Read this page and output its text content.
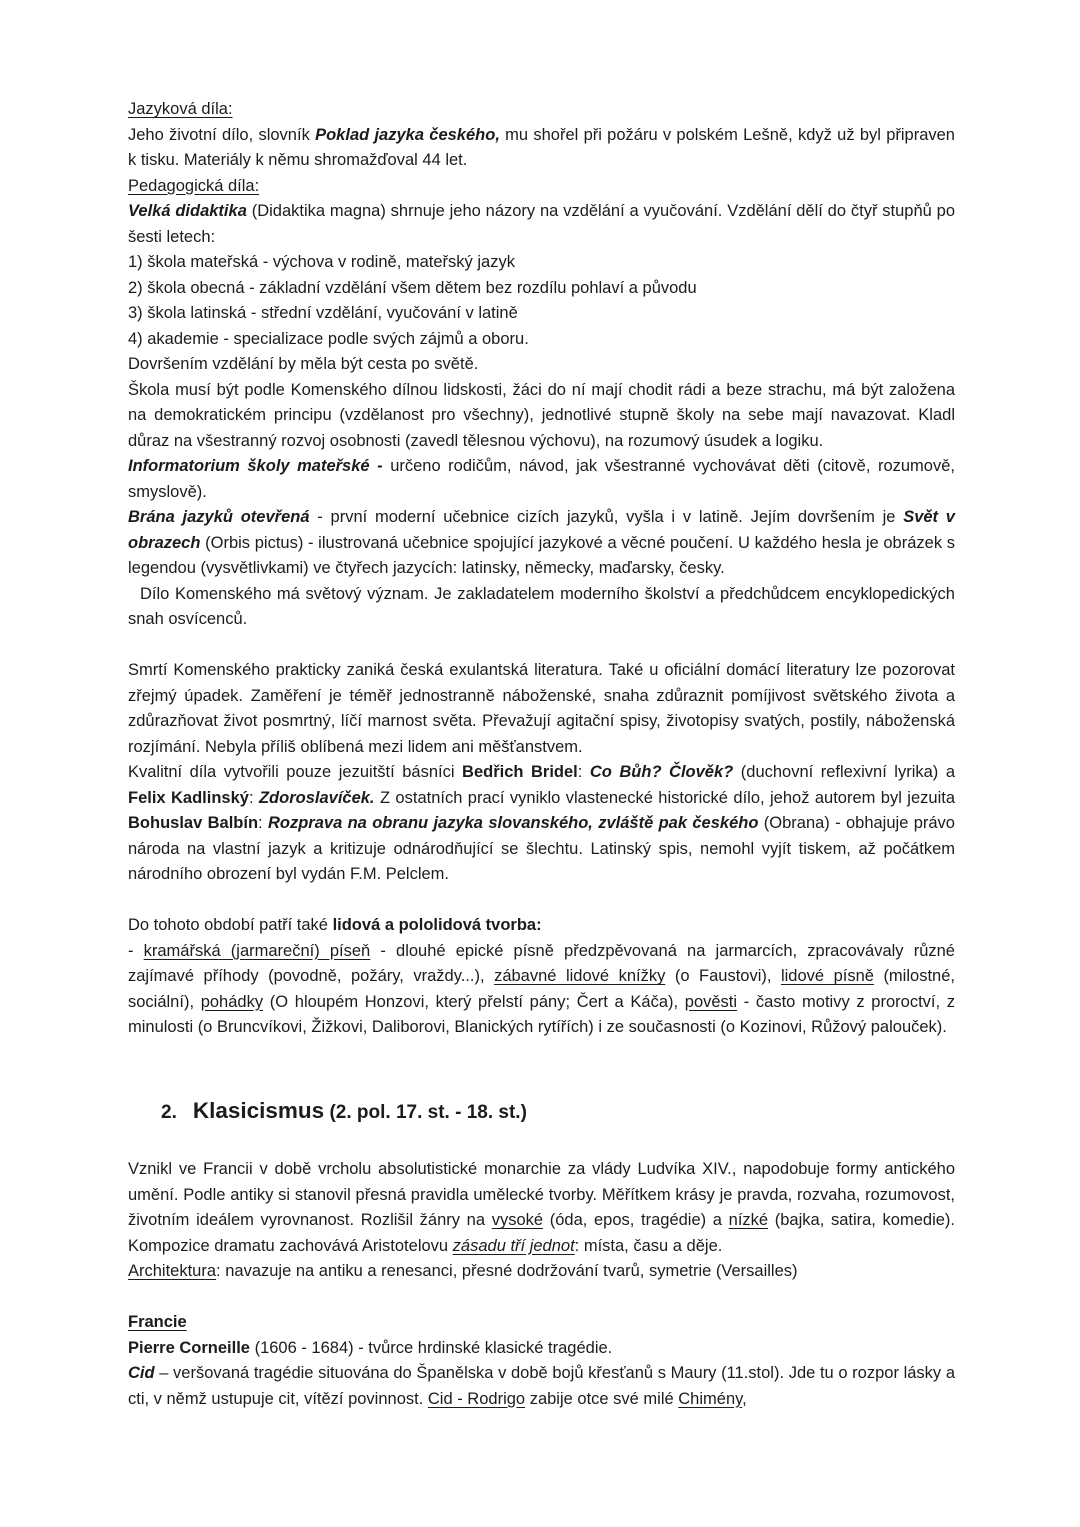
Jazyková díla:
Jeho životní dílo, slovník Poklad jazyka českého, mu shořel při požáru v polském Lešně, když už byl připraven k tisku. Materiály k němu shromažďoval 44 let.
Pedagogická díla:
Velká didaktika (Didaktika magna) shrnuje jeho názory na vzdělání a vyučování. Vzdělání dělí do čtyř stupňů po šesti letech:
1) škola mateřská - výchova v rodině, mateřský jazyk
2) škola obecná - základní vzdělání všem dětem bez rozdílu pohlaví a původu
3) škola latinská - střední vzdělání, vyučování v latině
4) akademie - specializace podle svých zájmů a oboru.
Dovršením vzdělání by měla být cesta po světě.
Škola musí být podle Komenského dílnou lidskosti, žáci do ní mají chodit rádi a beze strachu, má být založena na demokratickém principu (vzdělanost pro všechny), jednotlivé stupně školy na sebe mají navazovat. Kladl důraz na všestranný rozvoj osobnosti (zavedl tělesnou výchovu), na rozumový úsudek a logiku.
Informatorium školy mateřské - určeno rodičům, návod, jak všestranné vychovávat děti (citově, rozumově, smyslově).
Brána jazyků otevřená - první moderní učebnice cizích jazyků, vyšla i v latině. Jejím dovršením je Svět v obrazech (Orbis pictus) - ilustrovaná učebnice spojující jazykové a věcné poučení. U každého hesla je obrázek s legendou (vysvětlivkami) ve čtyřech jazycích: latinsky, německy, maďarsky, česky.
Dílo Komenského má světový význam. Je zakladatelem moderního školství a předchůdcem encyklopedických snah osvícenců.
Smrtí Komenského prakticky zaniká česká exulantská literatura. Také u oficiální domácí literatury lze pozorovat zřejmý úpadek. Zaměření je téměř jednostranně náboženské, snaha zdůraznit pomíjivost světského života a zdůrazňovat život posmrtný, líčí marnost světa. Převažují agitační spisy, životopisy svatých, postily, náboženská rozjímání. Nebyla příliš oblíbená mezi lidem ani měšťanstvem.
Kvalitní díla vytvořili pouze jezuitští básníci Bedřich Bridel: Co Bůh? Člověk? (duchovní reflexivní lyrika) a Felix Kadlinský: Zdoroslavíček. Z ostatních prací vyniklo vlastenecké historické dílo, jehož autorem byl jezuita Bohuslav Balbín: Rozprava na obranu jazyka slovanského, zvláště pak českého (Obrana) - obhajuje právo národa na vlastní jazyk a kritizuje odnárodňující se šlechtu. Latinský spis, nemohl vyjít tiskem, až počátkem národního obrození byl vydán F.M. Pelclem.
Do tohoto období patří také lidová a pololidová tvorba:
- kramářská (jarmareční) píseň - dlouhé epické písně předzpěvovaná na jarmarcích, zpracovávaly různé zajímavé příhody (povodně, požáry, vraždy...), zábavné lidové knížky (o Faustovi), lidové písně (milostné, sociální), pohádky (O hloupém Honzovi, který přelstí pány; Čert a Káča), pověsti - často motivy z proroctví, z minulosti (o Bruncvíkovi, Žižkovi, Daliborovi, Blanických rytířích) i ze současnosti (o Kozinovi, Růžový palouček).
2. Klasicismus (2. pol. 17. st. - 18. st.)
Vznikl ve Francii v době vrcholu absolutistické monarchie za vlády Ludvíka XIV., napodobuje formy antického umění. Podle antiky si stanovil přesná pravidla umělecké tvorby. Měřítkem krásy je pravda, rozvaha, rozumovost, životním ideálem vyrovnanost. Rozlišil žánry na vysoké (óda, epos, tragédie) a nízké (bajka, satira, komedie). Kompozice dramatu zachovává Aristotelovu zásadu tří jednot: místa, času a děje.
Architektura: navazuje na antiku a renesanci, přesné dodržování tvarů, symetrie (Versailles)
Francie
Pierre Corneille (1606 - 1684) - tvůrce hrdinské klasické tragédie.
Cid – veršovaná tragédie situována do Španělska v době bojů křesťanů s Maury (11.stol). Jde tu o rozpor lásky a cti, v němž ustupuje cit, vítězí povinnost. Cid - Rodrigo zabije otce své milé Chimény,
